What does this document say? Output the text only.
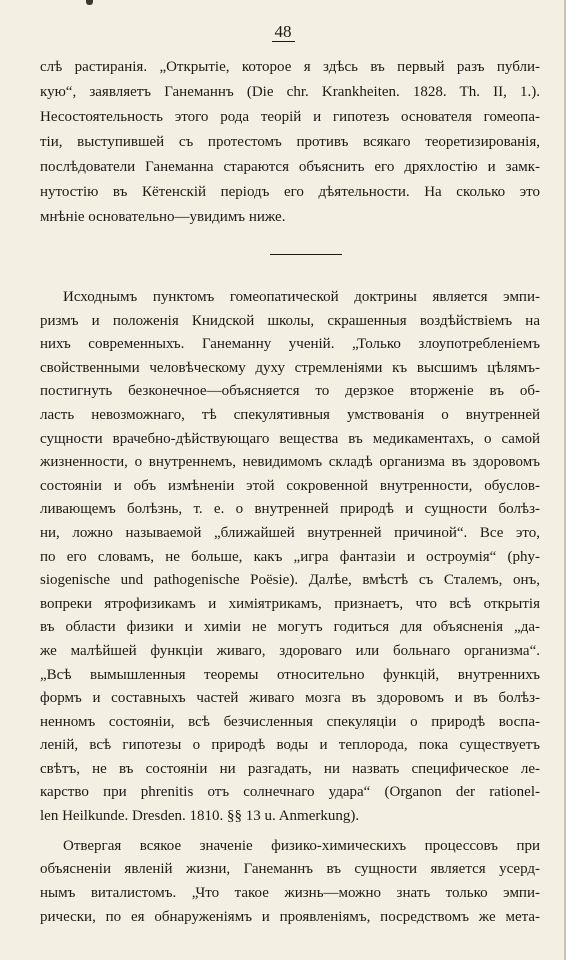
48
слѣ растиранія. „Открытіе, которое я здѣсь въ первый разъ публи-
кую“, заявляетъ Ганеманнъ (Die chr. Krankheiten. 1828. Th. II, 1.).
Несостоятельность этого рода теорій и гипотезъ основателя гомеопа-
тіи, выступившей съ протестомъ противъ всякаго теоретизированія,
послѣдователи Ганеманна стараются объяснить его дряхлостію и замк-
нутостію въ Кётенскій періодъ его дѣятельности. На сколько это
мнѣніе основательно—увидимъ ниже.
Исходнымъ пунктомъ гомеопатической доктрины является эмпи-
ризмъ и положенія Книдской школы, скрашенныя воздѣйствіемъ на
нихъ современныхъ. Ганеманну ученій. „Только злоупотребленіемъ
свойственными человѣческому духу стремленіями къ высшимъ цѣлямъ-
постигнуть безконечное—объясняется то дерзкое вторженіе въ об-
ласть невозможнаго, тѣ спекулятивныя умствованія о внутренней
сущности врачебно-дѣйствующаго вещества въ медикаментахъ, о самой
жизненности, о внутреннемъ, невидимомъ складѣ организма въ здоровомъ
состояніи и объ измѣненіи этой сокровенной внутренности, обуслов-
ливающемъ болѣзнь, т. е. о внутренней природѣ и сущности болѣз-
ни, ложно называемой „ближайшей внутренней причиной“. Все это,
по его словамъ, не больше, какъ „игра фантазіи и остроумія“ (phy-
siogenische und pathogenische Poësie). Далѣе, вмѣстѣ съ Сталемъ, онъ,
вопреки ятрофизикамъ и химіятрикамъ, признаетъ, что всѣ открытія
въ области физики и химіи не могутъ годиться для объясненія „да-
же малѣйшей функціи живаго, здороваго или больнаго организма“.
„Всѣ вымышленныя теоремы относительно функцій, внутреннихъ
формъ и составныхъ частей живаго мозга въ здоровомъ и въ болѣз-
ненномъ состояніи, всѣ безчисленныя спекуляціи о природѣ воспа-
леній, всѣ гипотезы о природѣ воды и теплорода, пока существуетъ
свѣтъ, не въ состояніи ни разгадать, ни назвать специфическое ле-
карство при phrenitis отъ солнечнаго удара“ (Organon der rationel-
len Heilkunde. Dresden. 1810. §§ 13 u. Anmerkung).
Отвергая всякое значеніе физико-химическихъ процессовъ при
объясненіи явленій жизни, Ганеманнъ въ сущности является усерд-
нымъ виталистомъ. „Что такое жизнь—можно знать только эмпи-
рически, по ея обнаруженіямъ и проявленіямъ, посредствомъ же мета-
